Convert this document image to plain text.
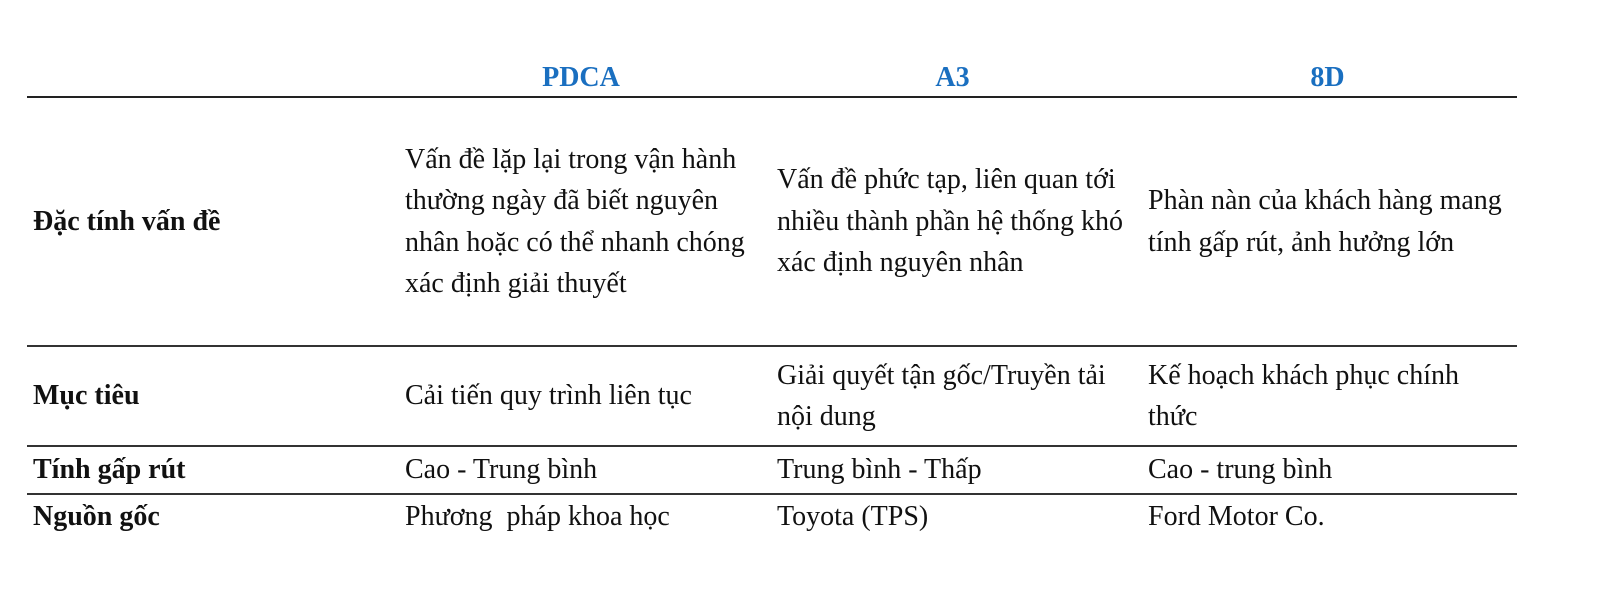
	PDCA	A3	8D
Đặc tính vấn đề	Vấn đề lặp lại trong vận hành thường ngày đã biết nguyên nhân hoặc có thể nhanh chóng xác định giải thuyết	Vấn đề phức tạp, liên quan tới nhiều thành phần hệ thống khó xác định nguyên nhân	Phàn nàn của khách hàng mang tính gấp rút, ảnh hưởng lớn
Mục tiêu	Cải tiến quy trình liên tục	Giải quyết tận gốc/Truyền tải nội dung	Kế hoạch khách phục chính thức
Tính gấp rút	Cao - Trung bình	Trung bình - Thấp	Cao - trung bình
Nguồn gốc	Phương  pháp khoa học	Toyota (TPS)	Ford Motor Co.
